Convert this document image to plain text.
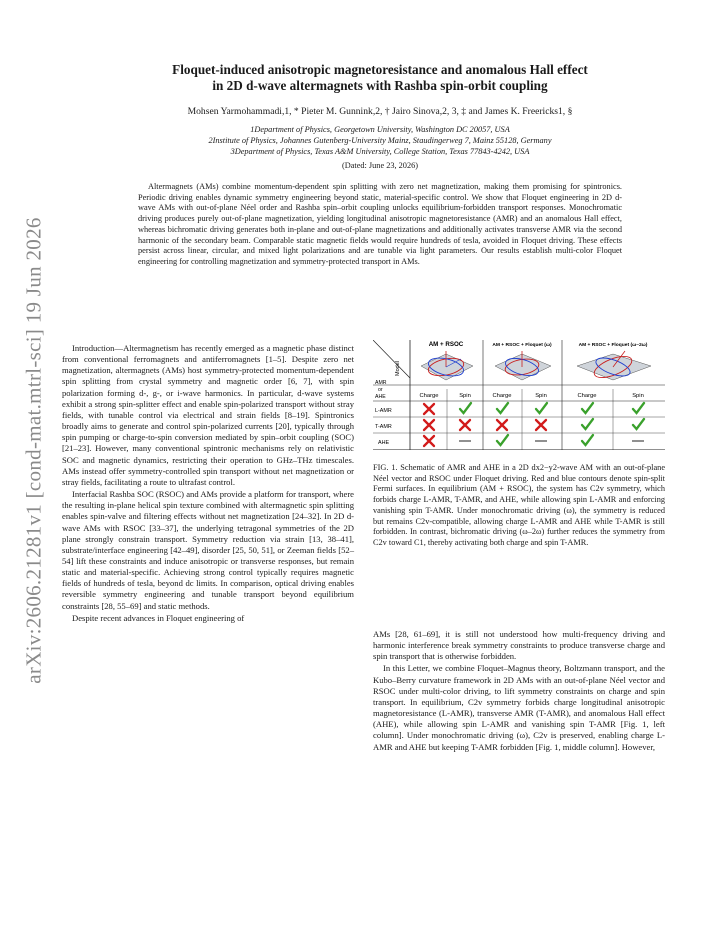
arXiv:2606.21281v1 [cond-mat.mtrl-sci] 19 Jun 2026
Floquet-induced anisotropic magnetoresistance and anomalous Hall effect
in 2D d-wave altermagnets with Rashba spin-orbit coupling
Mohsen Yarmohammadi,1, * Pieter M. Gunnink,2, † Jairo Sinova,2, 3, ‡ and James K. Freericks1, §
1Department of Physics, Georgetown University, Washington DC 20057, USA
2Institute of Physics, Johannes Gutenberg-University Mainz, Staudingerweg 7, Mainz 55128, Germany
3Department of Physics, Texas A&M University, College Station, Texas 77843-4242, USA
(Dated: June 23, 2026)

Altermagnets (AMs) combine momentum-dependent spin splitting with zero net magnetization, making them promising for spintronics. Periodic driving enables dynamic symmetry engineering beyond static, material-specific control. We show that Floquet engineering in 2D d-wave AMs with out-of-plane Néel order and Rashba spin–orbit coupling unlocks equilibrium-forbidden transport responses. Monochromatic driving produces purely out-of-plane magnetization, yielding longitudinal anisotropic magnetoresistance (AMR) and an anomalous Hall effect, whereas bichromatic driving generates both in-plane and out-of-plane magnetizations and additionally activates transverse AMR via the second harmonic of the secondary beam. Comparable static magnetic fields would require hundreds of tesla, avoided in Floquet driving. These effects persist across linear, circular, and mixed light polarizations and are tunable via light parameters. Our results establish multi-color Floquet engineering for controlling magnetization and symmetry-protected transport in AMs.

Introduction—Altermagnetism has recently emerged as a magnetic phase distinct from conventional ferromagnets and antiferromagnets [1–5]. Despite zero net magnetization, altermagnets (AMs) host symmetry-protected momentum-dependent spin splitting from crystal symmetry and magnetic order [6, 7], with spin polarization forming d-, g-, or i-wave harmonics. In particular, d-wave systems exhibit a strong spin-splitter effect and enable spin-polarized transport without stray fields, with tunable control via electrical and strain fields [8–19]. Spintronics broadly aims to generate and control spin-polarized currents [20], typically through spin pumping or charge-to-spin conversion mediated by spin–orbit coupling (SOC) [21–23]. However, many conventional spintronic mechanisms rely on relativistic SOC and magnetic dynamics, restricting their operation to GHz–THz timescales. AMs instead offer symmetry-controlled spin transport without net magnetization or stray fields, facilitating a route to ultrafast control.

Interfacial Rashba SOC (RSOC) and AMs provide a platform for transport, where the resulting in-plane helical spin texture combined with altermagnetic spin splitting enables spin-valve and filtering effects without net magnetization [24–32]. In 2D d-wave AMs with RSOC [33–37], the underlying tetragonal symmetries of the 2D plane strongly constrain transport. Symmetry reduction via strain [13, 38–41], substrate/interface engineering [42–49], disorder [25, 50, 51], or Zeeman fields [52–54] lift these constraints and induce anisotropic or transverse responses, but remain static and material-specific. Achieving strong control typically requires magnetic fields of hundreds of tesla, beyond dc limits. In comparison, optical driving enables reversible symmetry engineering and tunable transport beyond equilibrium constraints [28, 55–69] and static methods.

Despite recent advances in Floquet engineering of

Model
AMR
or
AHE
AM + RSOC	AM + RSOC + Floquet (ω)	AM + RSOC + Floquet (ω–2ω)
Charge	Spin	Charge	Spin	Charge	Spin
L-AMR
T-AMR
AHE
FIG. 1. Schematic of AMR and AHE in a 2D dx2−y2-wave AM with an out-of-plane Néel vector and RSOC under Floquet driving. Red and blue contours denote spin-split Fermi surfaces. In equilibrium (AM + RSOC), the system has C2v symmetry, which forbids charge L-AMR, T-AMR, and AHE, while allowing spin L-AMR and enforcing vanishing spin T-AMR. Under monochromatic driving (ω), the symmetry is reduced but remains C2v-compatible, allowing charge L-AMR and AHE while T-AMR is still forbidden. In contrast, bichromatic driving (ω–2ω) further reduces the symmetry from C2v toward C1, thereby activating both charge and spin T-AMR.

AMs [28, 61–69], it is still not understood how multi-frequency driving and harmonic interference break symmetry constraints to produce transverse charge and spin transport that is otherwise forbidden.

In this Letter, we combine Floquet–Magnus theory, Boltzmann transport, and the Kubo–Berry curvature framework in 2D AMs with an out-of-plane Néel vector and RSOC under multi-color driving, to lift symmetry constraints on charge and spin transport. In equilibrium, C2v symmetry forbids charge longitudinal anisotropic magnetoresistance (L-AMR), transverse AMR (T-AMR), and anomalous Hall effect (AHE), while allowing spin L-AMR and vanishing spin T-AMR [Fig. 1, left column]. Under monochromatic driving (ω), C2v is preserved, enabling charge L-AMR and AHE but keeping T-AMR forbidden [Fig. 1, middle column]. However,
